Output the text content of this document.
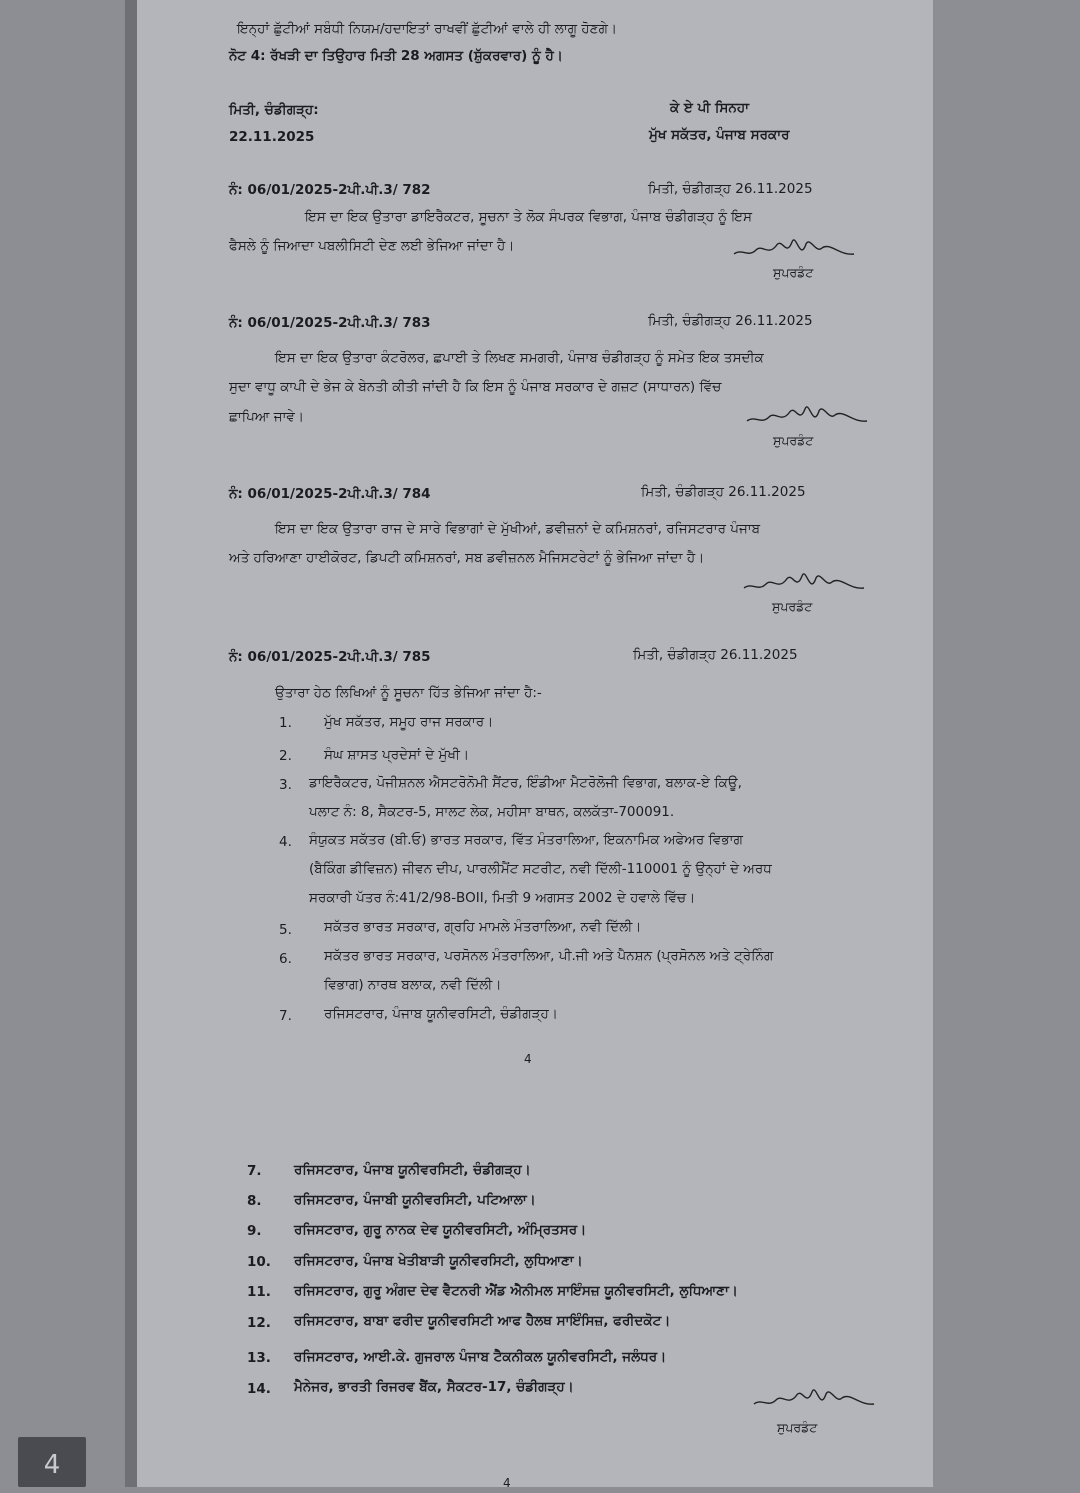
ਇਨ੍ਹਾਂ ਛੁੱਟੀਆਂ ਸਬੰਧੀ ਨਿਯਮ/ਹਦਾਇਤਾਂ ਰਾਖਵੀਂ ਛੁੱਟੀਆਂ ਵਾਲੇ ਹੀ ਲਾਗੂ ਹੋਣਗੇ।
ਨੋਟ 4: ਰੱਖੜੀ ਦਾ ਤਿਉਹਾਰ ਮਿਤੀ 28 ਅਗਸਤ (ਸ਼ੁੱਕਰਵਾਰ) ਨੂੰ ਹੈ।
ਮਿਤੀ, ਚੰਡੀਗੜ੍ਹ:
22.11.2025
ਕੇ ਏ ਪੀ ਸਿਨਹਾ
ਮੁੱਖ ਸਕੱਤਰ, ਪੰਜਾਬ ਸਰਕਾਰ
ਨੰ: 06/01/2025-2ਪੀ.ਪੀ.3/ 782	ਮਿਤੀ, ਚੰਡੀਗੜ੍ਹ 26.11.2025
ਇਸ ਦਾ ਇਕ ਉਤਾਰਾ ਡਾਇਰੈਕਟਰ, ਸੂਚਨਾ ਤੇ ਲੋਕ ਸੰਪਰਕ ਵਿਭਾਗ, ਪੰਜਾਬ ਚੰਡੀਗੜ੍ਹ ਨੂੰ ਇਸ
ਫੈਸਲੇ ਨੂੰ ਜਿਆਦਾ ਪਬਲੀਸਿਟੀ ਦੇਣ ਲਈ ਭੇਜਿਆ ਜਾਂਦਾ ਹੈ।
ਸੁਪਰਡੰਟ
ਨੰ: 06/01/2025-2ਪੀ.ਪੀ.3/ 783	ਮਿਤੀ, ਚੰਡੀਗੜ੍ਹ 26.11.2025
ਇਸ ਦਾ ਇਕ ਉਤਾਰਾ ਕੰਟਰੋਲਰ, ਛਪਾਈ ਤੇ ਲਿਖਣ ਸਮਗਰੀ, ਪੰਜਾਬ ਚੰਡੀਗੜ੍ਹ ਨੂੰ ਸਮੇਤ ਇਕ ਤਸਦੀਕ
ਸੁਦਾ ਵਾਧੂ ਕਾਪੀ ਦੇ ਭੇਜ ਕੇ ਬੇਨਤੀ ਕੀਤੀ ਜਾਂਦੀ ਹੈ ਕਿ ਇਸ ਨੂੰ ਪੰਜਾਬ ਸਰਕਾਰ ਦੇ ਗਜ਼ਟ (ਸਾਧਾਰਨ) ਵਿੱਚ
ਛਾਪਿਆ ਜਾਵੇ।
ਸੁਪਰਡੰਟ
ਨੰ: 06/01/2025-2ਪੀ.ਪੀ.3/ 784	ਮਿਤੀ, ਚੰਡੀਗੜ੍ਹ 26.11.2025
ਇਸ ਦਾ ਇਕ ਉਤਾਰਾ ਰਾਜ ਦੇ ਸਾਰੇ ਵਿਭਾਗਾਂ ਦੇ ਮੁੱਖੀਆਂ, ਡਵੀਜ਼ਨਾਂ ਦੇ ਕਮਿਸ਼ਨਰਾਂ, ਰਜਿਸਟਰਾਰ ਪੰਜਾਬ
ਅਤੇ ਹਰਿਆਣਾ ਹਾਈਕੋਰਟ, ਡਿਪਟੀ ਕਮਿਸ਼ਨਰਾਂ, ਸਬ ਡਵੀਜ਼ਨਲ ਮੈਜਿਸਟਰੇਟਾਂ ਨੂੰ ਭੇਜਿਆ ਜਾਂਦਾ ਹੈ।
ਸੁਪਰਡੰਟ
ਨੰ: 06/01/2025-2ਪੀ.ਪੀ.3/ 785	ਮਿਤੀ, ਚੰਡੀਗੜ੍ਹ 26.11.2025
ਉਤਾਰਾ ਹੇਠ ਲਿਖਿਆਂ ਨੂੰ ਸੂਚਨਾ ਹਿੱਤ ਭੇਜਿਆ ਜਾਂਦਾ ਹੈ:-
1. ਮੁੱਖ ਸਕੱਤਰ, ਸਮੂਹ ਰਾਜ ਸਰਕਾਰ।
2. ਸੰਘ ਸ਼ਾਸਤ ਪ੍ਰਦੇਸਾਂ ਦੇ ਮੁੱਖੀ।
3. ਡਾਇਰੈਕਟਰ, ਪੋਜੀਸ਼ਨਲ ਐਸਟਰੋਨੋਮੀ ਸੈਂਟਰ, ਇੰਡੀਆ ਮੈਟਰੋਲੋਜੀ ਵਿਭਾਗ, ਬਲਾਕ-ਏ ਕਿਊ,
ਪਲਾਟ ਨੰ: 8, ਸੈਕਟਰ-5, ਸਾਲਟ ਲੇਕ, ਮਹੀਸਾ ਬਾਥਨ, ਕਲਕੱਤਾ-700091.
4. ਸੰਯੁਕਤ ਸਕੱਤਰ (ਬੀ.ਓ) ਭਾਰਤ ਸਰਕਾਰ, ਵਿੱਤ ਮੰਤਰਾਲਿਆ, ਇਕਨਾਮਿਕ ਅਫੇਅਰ ਵਿਭਾਗ
(ਬੈਕਿੰਗ ਡੀਵਿਜ਼ਨ) ਜੀਵਨ ਦੀਪ, ਪਾਰਲੀਮੈਂਟ ਸਟਰੀਟ, ਨਵੀ ਦਿੱਲੀ-110001 ਨੂੰ ਉਨ੍ਹਾਂ ਦੇ ਅਰਧ
ਸਰਕਾਰੀ ਪੱਤਰ ਨੰ:41/2/98-BOII, ਮਿਤੀ 9 ਅਗਸਤ 2002 ਦੇ ਹਵਾਲੇ ਵਿੱਚ।
5. ਸਕੱਤਰ ਭਾਰਤ ਸਰਕਾਰ, ਗ੍ਰਹਿ ਮਾਮਲੇ ਮੰਤਰਾਲਿਆ, ਨਵੀ ਦਿੱਲੀ।
6. ਸਕੱਤਰ ਭਾਰਤ ਸਰਕਾਰ, ਪਰਸੋਨਲ ਮੰਤਰਾਲਿਆ, ਪੀ.ਜੀ ਅਤੇ ਪੈਨਸ਼ਨ (ਪ੍ਰਸੋਨਲ ਅਤੇ ਟ੍ਰੇਨਿੰਗ
ਵਿਭਾਗ) ਨਾਰਥ ਬਲਾਕ, ਨਵੀ ਦਿੱਲੀ।
7. ਰਜਿਸਟਰਾਰ, ਪੰਜਾਬ ਯੂਨੀਵਰਸਿਟੀ, ਚੰਡੀਗੜ੍ਹ।
7. ਰਜਿਸਟਰਾਰ, ਪੰਜਾਬ ਯੂਨੀਵਰਸਿਟੀ, ਚੰਡੀਗੜ੍ਹ।
8. ਰਜਿਸਟਰਾਰ, ਪੰਜਾਬੀ ਯੂਨੀਵਰਸਿਟੀ, ਪਟਿਆਲਾ।
9. ਰਜਿਸਟਰਾਰ, ਗੁਰੂ ਨਾਨਕ ਦੇਵ ਯੂਨੀਵਰਸਿਟੀ, ਅੰਮ੍ਰਿਤਸਰ।
10. ਰਜਿਸਟਰਾਰ, ਪੰਜਾਬ ਖੇਤੀਬਾੜੀ ਯੂਨੀਵਰਸਿਟੀ, ਲੁਧਿਆਣਾ।
11. ਰਜਿਸਟਰਾਰ, ਗੁਰੂ ਅੰਗਦ ਦੇਵ ਵੈਟਨਰੀ ਐਂਡ ਐਨੀਮਲ ਸਾਇੰਸਜ਼ ਯੂਨੀਵਰਸਿਟੀ, ਲੁਧਿਆਣਾ।
12. ਰਜਿਸਟਰਾਰ, ਬਾਬਾ ਫਰੀਦ ਯੂਨੀਵਰਸਿਟੀ ਆਫ ਹੈਲਥ ਸਾਇੰਸਿਜ਼, ਫਰੀਦਕੋਟ।
13. ਰਜਿਸਟਰਾਰ, ਆਈ.ਕੇ. ਗੁਜਰਾਲ ਪੰਜਾਬ ਟੈਕਨੀਕਲ ਯੂਨੀਵਰਸਿਟੀ, ਜਲੰਧਰ।
14. ਮੈਨੇਜਰ, ਭਾਰਤੀ ਰਿਜਰਵ ਬੈਂਕ, ਸੈਕਟਰ-17, ਚੰਡੀਗੜ੍ਹ।
ਸੁਪਰਡੰਟ
4
4
4
